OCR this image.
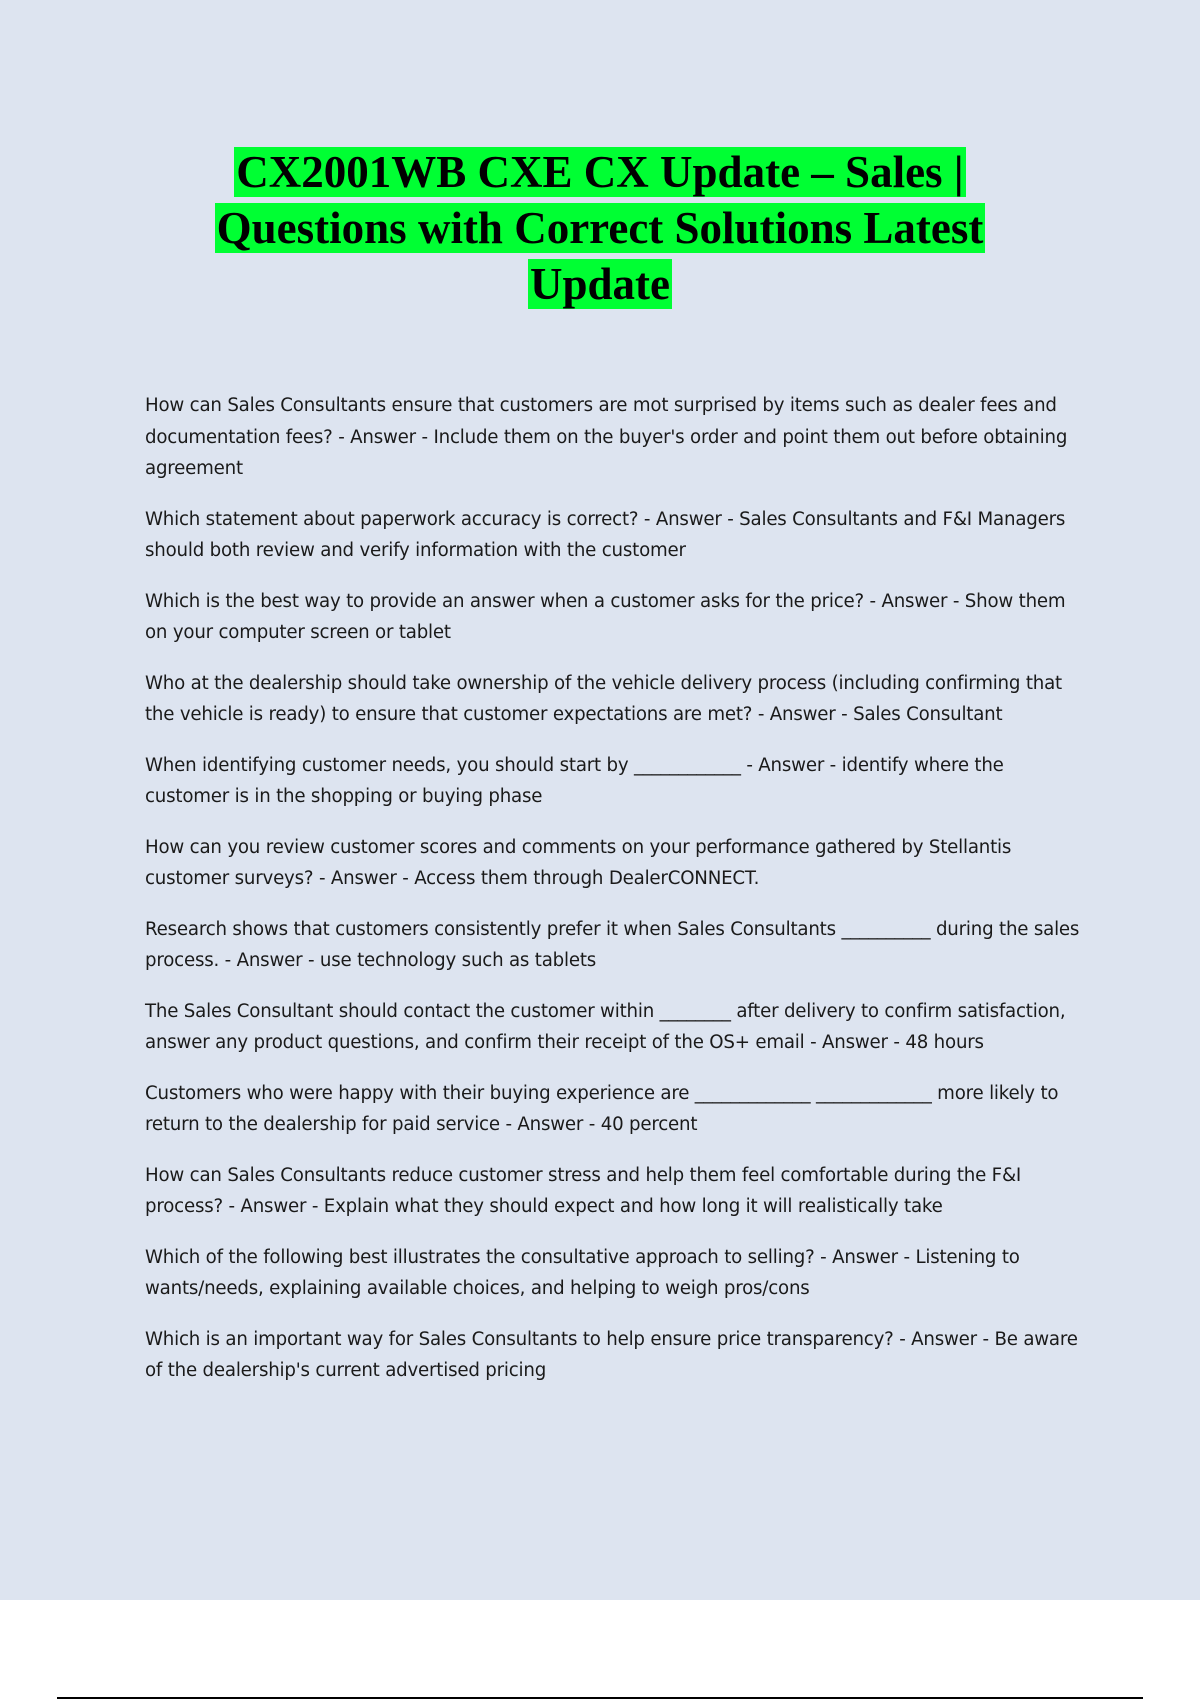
CX2001WB CXE CX Update – Sales |
Questions with Correct Solutions Latest
Update

How can Sales Consultants ensure that customers are mot surprised by items such as dealer fees and documentation fees? - Answer - Include them on the buyer's order and point them out before obtaining agreement

Which statement about paperwork accuracy is correct? - Answer - Sales Consultants and F&I Managers should both review and verify information with the customer

Which is the best way to provide an answer when a customer asks for the price? - Answer - Show them on your computer screen or tablet

Who at the dealership should take ownership of the vehicle delivery process (including confirming that the vehicle is ready) to ensure that customer expectations are met? - Answer - Sales Consultant

When identifying customer needs, you should start by ____________ - Answer - identify where the customer is in the shopping or buying phase

How can you review customer scores and comments on your performance gathered by Stellantis customer surveys? - Answer - Access them through DealerCONNECT.

Research shows that customers consistently prefer it when Sales Consultants __________ during the sales process. - Answer - use technology such as tablets

The Sales Consultant should contact the customer within ________ after delivery to confirm satisfaction, answer any product questions, and confirm their receipt of the OS+ email - Answer - 48 hours

Customers who were happy with their buying experience are _____________ _____________ more likely to return to the dealership for paid service - Answer - 40 percent

How can Sales Consultants reduce customer stress and help them feel comfortable during the F&I process? - Answer - Explain what they should expect and how long it will realistically take

Which of the following best illustrates the consultative approach to selling? - Answer - Listening to wants/needs, explaining available choices, and helping to weigh pros/cons

Which is an important way for Sales Consultants to help ensure price transparency? - Answer - Be aware of the dealership's current advertised pricing
